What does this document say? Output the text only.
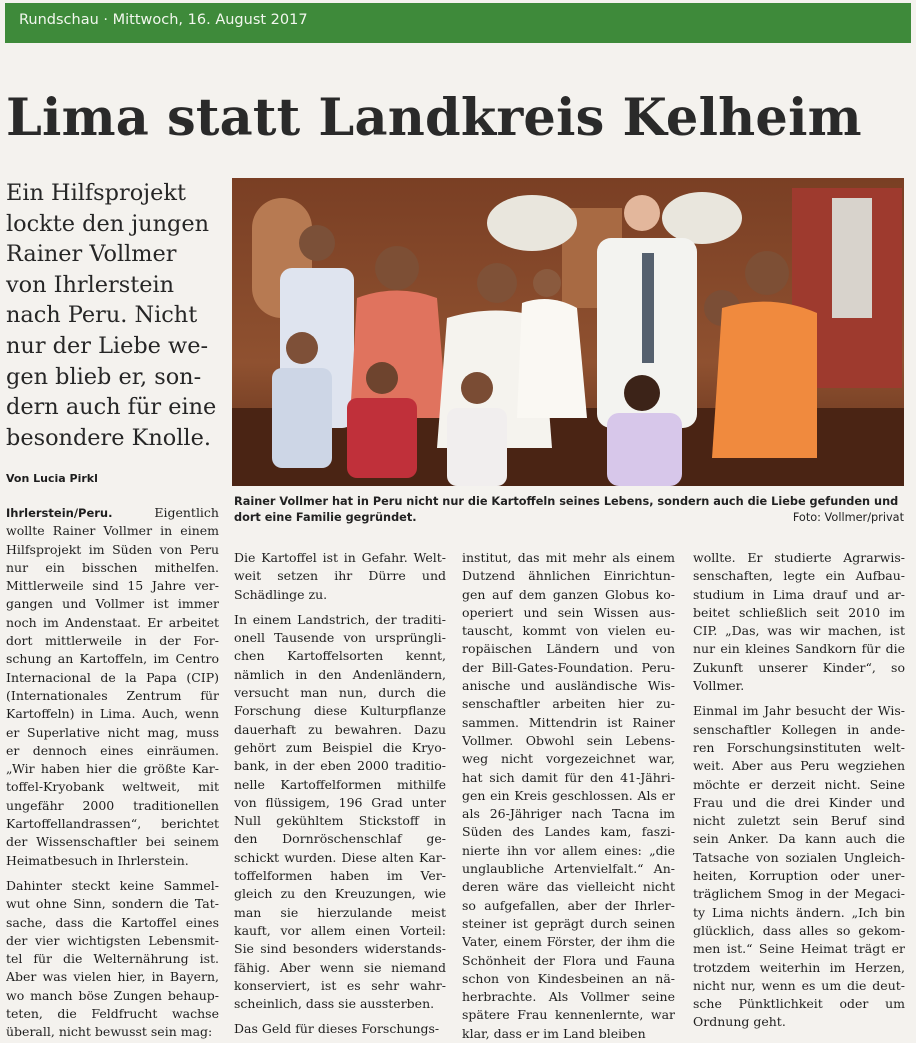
Rundschau · Mittwoch, 16. August 2017
Lima statt Landkreis Kelheim
Ein Hilfsprojekt
lockte den jungen
Rainer Vollmer
von Ihrlerstein
nach Peru. Nicht
nur der Liebe we-
gen blieb er, son-
dern auch für eine
besondere Knolle.
Von Lucia Pirkl
Rainer Vollmer hat in Peru nicht nur die Kartoffeln seines Lebens, sondern auch die Liebe gefunden und
dort eine Familie gegründet.	Foto: Vollmer/privat
Ihrlerstein/Peru.	Eigentlich
wollte Rainer Vollmer in einem
Hilfsprojekt im Süden von Peru
nur ein bisschen mithelfen.
Mittlerweile sind 15 Jahre ver-
gangen und Vollmer ist immer
noch im Andenstaat. Er arbeitet
dort mittlerweile in der For-
schung an Kartoffeln, im Centro
Internacional de la Papa (CIP)
(Internationales Zentrum für
Kartoffeln) in Lima. Auch, wenn
er Superlative nicht mag, muss
er dennoch eines einräumen.
„Wir haben hier die größte Kar-
toffel-Kryobank weltweit, mit
ungefähr 2000 traditionellen
Kartoffellandrassen“, berichtet
der Wissenschaftler bei seinem
Heimatbesuch in Ihrlerstein.
Dahinter steckt keine Sammel-
wut ohne Sinn, sondern die Tat-
sache, dass die Kartoffel eines
der vier wichtigsten Lebensmit-
tel für die Welternährung ist.
Aber was vielen hier, in Bayern,
wo manch böse Zungen behaup-
teten, die Feldfrucht wachse
überall, nicht bewusst sein mag:
Die Kartoffel ist in Gefahr. Welt-
weit setzen ihr Dürre und
Schädlinge zu.
In einem Landstrich, der traditi-
onell Tausende von ursprüngli-
chen Kartoffelsorten kennt,
nämlich in den Andenländern,
versucht man nun, durch die
Forschung diese Kulturpflanze
dauerhaft zu bewahren. Dazu
gehört zum Beispiel die Kryo-
bank, in der eben 2000 traditio-
nelle Kartoffelformen mithilfe
von flüssigem, 196 Grad unter
Null gekühltem Stickstoff in
den Dornröschenschlaf ge-
schickt wurden. Diese alten Kar-
toffelformen haben im Ver-
gleich zu den Kreuzungen, wie
man sie hierzulande meist
kauft, vor allem einen Vorteil:
Sie sind besonders widerstands-
fähig. Aber wenn sie niemand
konserviert, ist es sehr wahr-
scheinlich, dass sie aussterben.
Das Geld für dieses Forschungs-
institut, das mit mehr als einem
Dutzend ähnlichen Einrichtun-
gen auf dem ganzen Globus ko-
operiert und sein Wissen aus-
tauscht, kommt von vielen eu-
ropäischen Ländern und von
der Bill-Gates-Foundation. Peru-
anische und ausländische Wis-
senschaftler arbeiten hier zu-
sammen. Mittendrin ist Rainer
Vollmer. Obwohl sein Lebens-
weg nicht vorgezeichnet war,
hat sich damit für den 41-Jähri-
gen ein Kreis geschlossen. Als er
als 26-Jähriger nach Tacna im
Süden des Landes kam, faszi-
nierte ihn vor allem eines: „die
unglaubliche Artenvielfalt.“ An-
deren wäre das vielleicht nicht
so aufgefallen, aber der Ihrler-
steiner ist geprägt durch seinen
Vater, einem Förster, der ihm die
Schönheit der Flora und Fauna
schon von Kindesbeinen an nä-
herbrachte. Als Vollmer seine
spätere Frau kennenlernte, war
klar, dass er im Land bleiben
wollte. Er studierte Agrarwis-
senschaften, legte ein Aufbau-
studium in Lima drauf und ar-
beitet schließlich seit 2010 im
CIP. „Das, was wir machen, ist
nur ein kleines Sandkorn für die
Zukunft unserer Kinder“, so
Vollmer.
Einmal im Jahr besucht der Wis-
senschaftler Kollegen in ande-
ren Forschungsinstituten welt-
weit. Aber aus Peru wegziehen
möchte er derzeit nicht. Seine
Frau und die drei Kinder und
nicht zuletzt sein Beruf sind
sein Anker. Da kann auch die
Tatsache von sozialen Ungleich-
heiten, Korruption oder uner-
träglichem Smog in der Megaci-
ty Lima nichts ändern. „Ich bin
glücklich, dass alles so gekom-
men ist.“ Seine Heimat trägt er
trotzdem weiterhin im Herzen,
nicht nur, wenn es um die deut-
sche Pünktlichkeit oder um
Ordnung geht.
